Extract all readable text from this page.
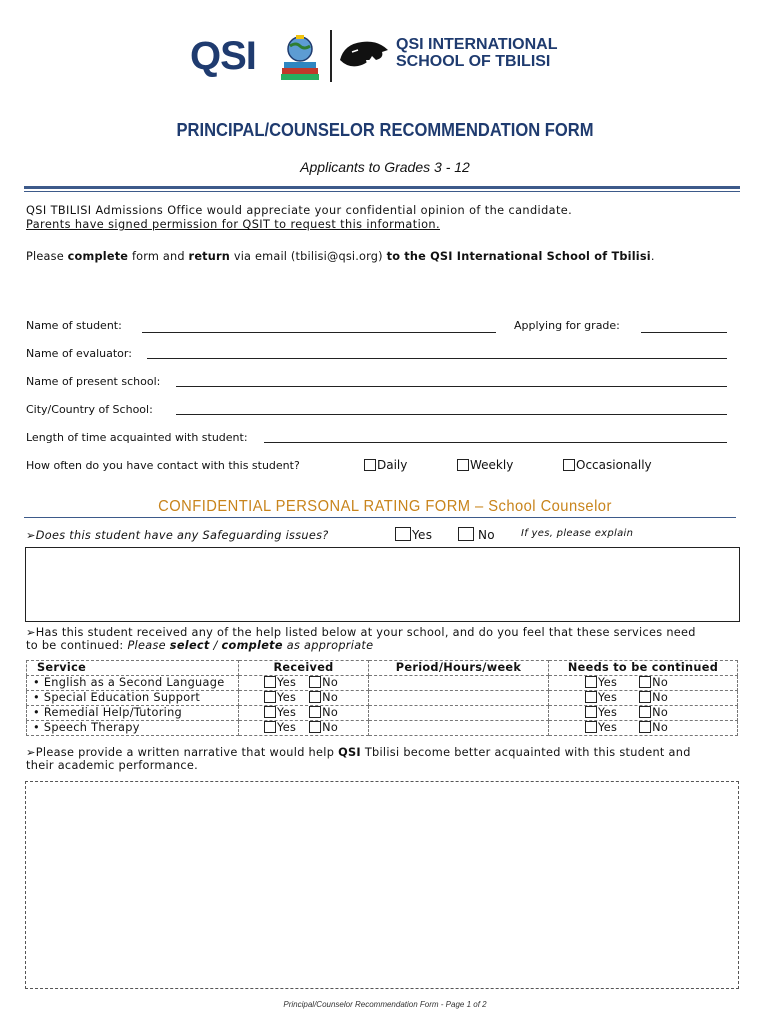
QSI	QSI INTERNATIONAL
SCHOOL OF TBILISI
PRINCIPAL/COUNSELOR RECOMMENDATION FORM
Applicants to Grades 3 - 12
QSI TBILISI Admissions Office would appreciate your confidential opinion of the candidate.
Parents have signed permission for QSIT to request this information.
Please complete form and return via email (tbilisi@qsi.org) to the QSI International School of Tbilisi.
Name of student:	Applying for grade:
Name of evaluator:
Name of present school:
City/Country of School:
Length of time acquainted with student:
How often do you have contact with this student?	Daily	Weekly	Occasionally
CONFIDENTIAL PERSONAL RATING FORM – School Counselor
➢Does this student have any Safeguarding issues?	Yes	No	If yes, please explain
➢Has this student received any of the help listed below at your school, and do you feel that these services need
to be continued: Please select / complete as appropriate
Service	Received	Period/Hours/week	Needs to be continued
• English as a Second Language	Yes No		Yes No
• Special Education Support	Yes No		Yes No
• Remedial Help/Tutoring	Yes No		Yes No
• Speech Therapy	Yes No		Yes No
➢Please provide a written narrative that would help QSI Tbilisi become better acquainted with this student and
their academic performance.
Principal/Counselor Recommendation Form - Page 1 of 2
